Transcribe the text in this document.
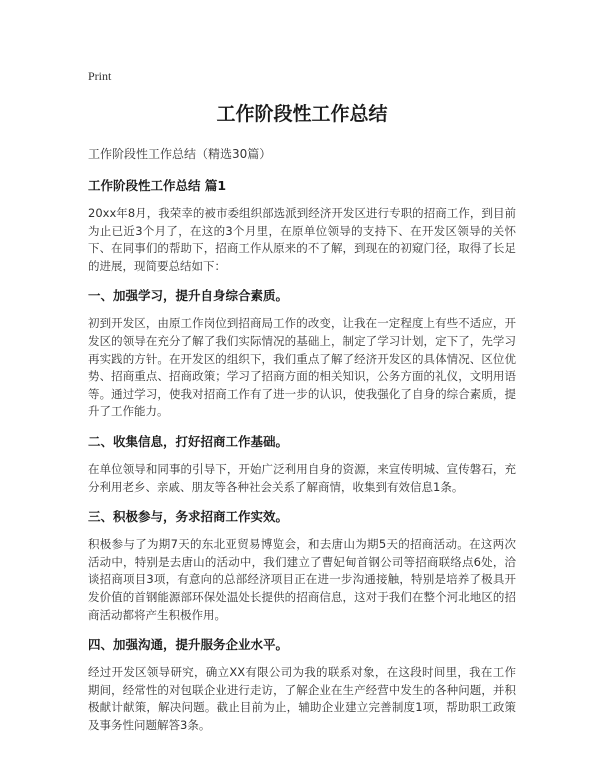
Print
工作阶段性工作总结
工作阶段性工作总结（精选30篇）
工作阶段性工作总结 篇1

20xx年8月，我荣幸的被市委组织部选派到经济开发区进行专职的招商工作，到目前为止已近3个月了，在这的3个月里，在原单位领导的支持下、在开发区领导的关怀下、在同事们的帮助下，招商工作从原来的不了解，到现在的初窥门径，取得了长足的进展，现简要总结如下：

一、加强学习，提升自身综合素质。

初到开发区，由原工作岗位到招商局工作的改变，让我在一定程度上有些不适应，开发区的领导在充分了解了我们实际情况的基础上，制定了学习计划，定下了，先学习再实践的方针。在开发区的组织下，我们重点了解了经济开发区的具体情况、区位优势、招商重点、招商政策；学习了招商方面的相关知识，公务方面的礼仪，文明用语等。通过学习，使我对招商工作有了进一步的认识，使我强化了自身的综合素质，提升了工作能力。

二、收集信息，打好招商工作基础。

在单位领导和同事的引导下，开始广泛利用自身的资源，来宣传明城、宣传磐石，充分利用老乡、亲戚、朋友等各种社会关系了解商情，收集到有效信息1条。

三、积极参与，务求招商工作实效。

积极参与了为期7天的东北亚贸易博览会，和去唐山为期5天的招商活动。在这两次活动中，特别是去唐山的活动中，我们建立了曹妃甸首钢公司等招商联络点6处，洽谈招商项目3项，有意向的总部经济项目正在进一步沟通接触，特别是培养了极具开发价值的首钢能源部环保处温处长提供的招商信息，这对于我们在整个河北地区的招商活动都将产生积极作用。

四、加强沟通，提升服务企业水平。

经过开发区领导研究，确立XX有限公司为我的联系对象，在这段时间里，我在工作期间，经常性的对包联企业进行走访，了解企业在生产经营中发生的各种问题，并积极献计献策，解决问题。截止目前为止，辅助企业建立完善制度1项，帮助职工政策及事务性问题解答3条。
